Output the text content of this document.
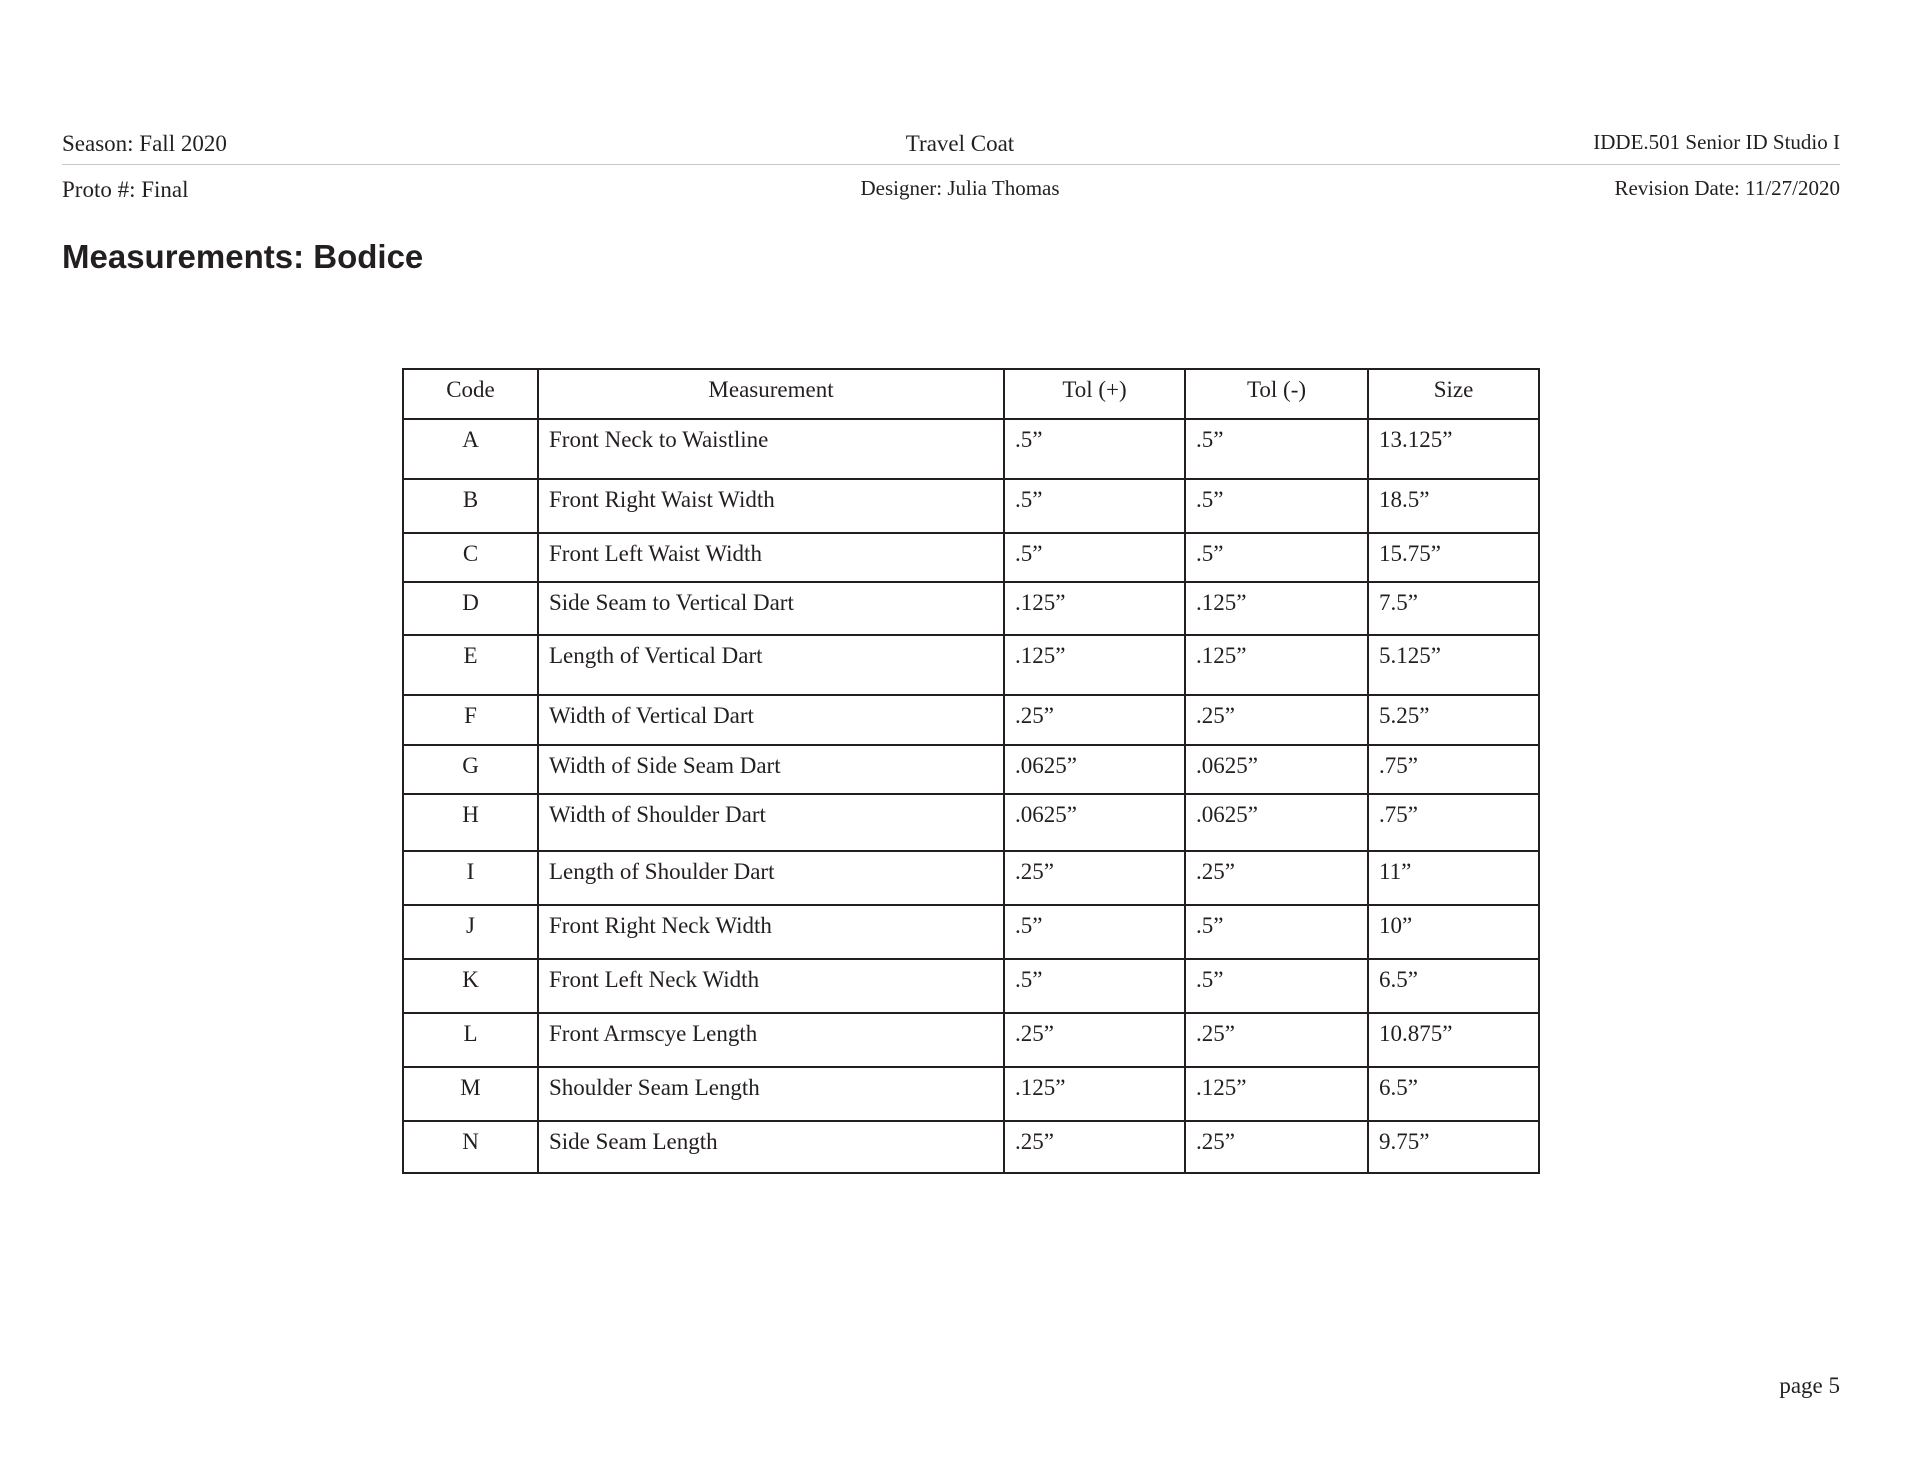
Season: Fall 2020	Travel Coat	IDDE.501 Senior ID Studio I
Proto #: Final	Designer: Julia Thomas	Revision Date: 11/27/2020
Measurements: Bodice
Code	Measurement	Tol (+)	Tol (-)	Size
A	Front Neck to Waistline	.5”	.5”	13.125”
B	Front Right Waist Width	.5”	.5”	18.5”
C	Front Left Waist Width	.5”	.5”	15.75”
D	Side Seam to Vertical Dart	.125”	.125”	7.5”
E	Length of Vertical Dart	.125”	.125”	5.125”
F	Width of Vertical Dart	.25”	.25”	5.25”
G	Width of Side Seam Dart	.0625”	.0625”	.75”
H	Width of Shoulder Dart	.0625”	.0625”	.75”
I	Length of Shoulder Dart	.25”	.25”	11”
J	Front Right Neck Width	.5”	.5”	10”
K	Front Left Neck Width	.5”	.5”	6.5”
L	Front Armscye Length	.25”	.25”	10.875”
M	Shoulder Seam Length	.125”	.125”	6.5”
N	Side Seam Length	.25”	.25”	9.75”
page 5
